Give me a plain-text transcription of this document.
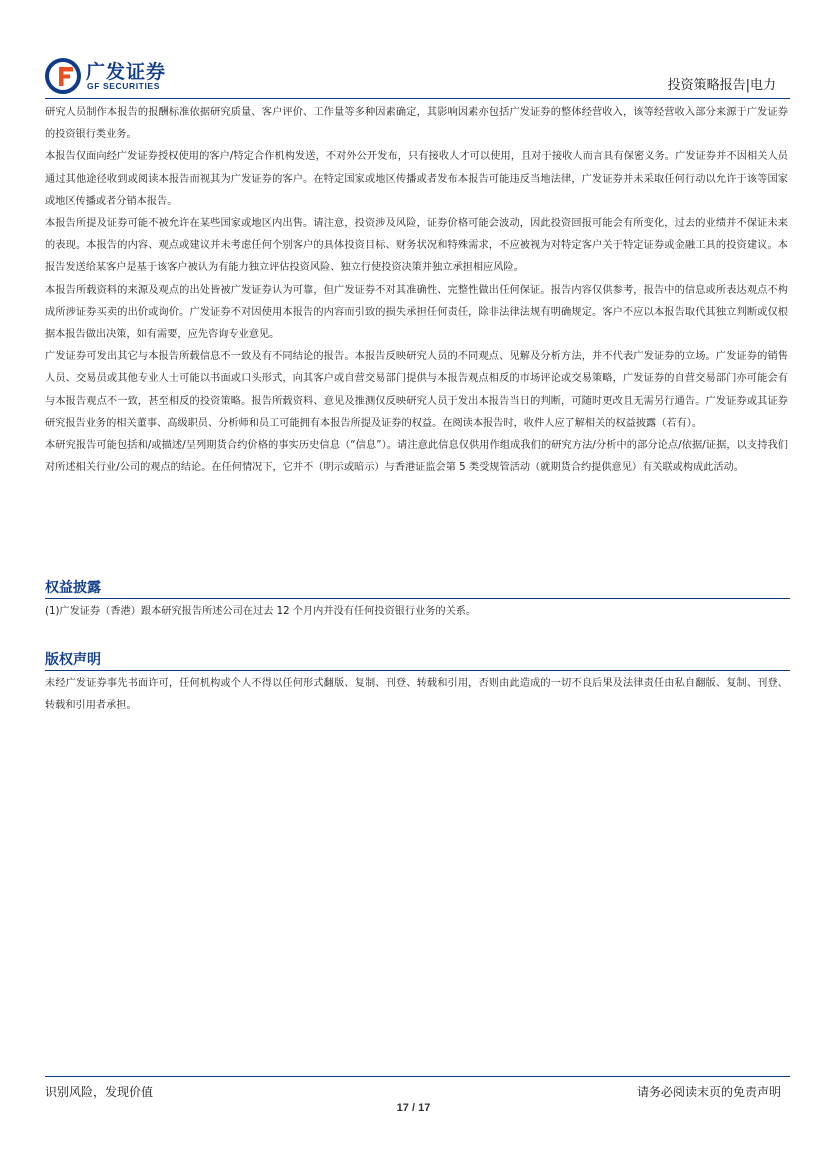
广发证券
GF SECURITIES	投资策略报告|电力

研究人员制作本报告的报酬标准依据研究质量、客户评价、工作量等多种因素确定，其影响因素亦包括广发证券的整体经营收入，该等经营收入部分来源于广发证券的投资银行类业务。

本报告仅面向经广发证券授权使用的客户/特定合作机构发送，不对外公开发布，只有接收人才可以使用，且对于接收人而言具有保密义务。广发证券并不因相关人员通过其他途径收到或阅读本报告而视其为广发证券的客户。在特定国家或地区传播或者发布本报告可能违反当地法律，广发证券并未采取任何行动以允许于该等国家或地区传播或者分销本报告。

本报告所提及证券可能不被允许在某些国家或地区内出售。请注意，投资涉及风险，证券价格可能会波动，因此投资回报可能会有所变化，过去的业绩并不保证未来的表现。本报告的内容、观点或建议并未考虑任何个别客户的具体投资目标、财务状况和特殊需求，不应被视为对特定客户关于特定证券或金融工具的投资建议。本报告发送给某客户是基于该客户被认为有能力独立评估投资风险、独立行使投资决策并独立承担相应风险。

本报告所载资料的来源及观点的出处皆被广发证券认为可靠，但广发证券不对其准确性、完整性做出任何保证。报告内容仅供参考，报告中的信息或所表达观点不构成所涉证券买卖的出价或询价。广发证券不对因使用本报告的内容而引致的损失承担任何责任，除非法律法规有明确规定。客户不应以本报告取代其独立判断或仅根据本报告做出决策，如有需要，应先咨询专业意见。

广发证券可发出其它与本报告所载信息不一致及有不同结论的报告。本报告反映研究人员的不同观点、见解及分析方法，并不代表广发证券的立场。广发证券的销售人员、交易员或其他专业人士可能以书面或口头形式，向其客户或自营交易部门提供与本报告观点相反的市场评论或交易策略，广发证券的自营交易部门亦可能会有与本报告观点不一致，甚至相反的投资策略。报告所载资料、意见及推测仅反映研究人员于发出本报告当日的判断，可随时更改且无需另行通告。广发证券或其证券研究报告业务的相关董事、高级职员、分析师和员工可能拥有本报告所提及证券的权益。在阅读本报告时，收件人应了解相关的权益披露（若有）。

本研究报告可能包括和/或描述/呈列期货合约价格的事实历史信息（“信息”）。请注意此信息仅供用作组成我们的研究方法/分析中的部分论点/依据/证据，以支持我们对所述相关行业/公司的观点的结论。在任何情况下，它并不（明示或暗示）与香港证监会第 5 类受规管活动（就期货合约提供意见）有关联或构成此活动。

权益披露

(1)广发证券（香港）跟本研究报告所述公司在过去 12 个月内并没有任何投资银行业务的关系。

版权声明

未经广发证券事先书面许可，任何机构或个人不得以任何形式翻版、复制、刊登、转载和引用，否则由此造成的一切不良后果及法律责任由私自翻版、复制、刊登、转载和引用者承担。

识别风险，发现价值	请务必阅读末页的免责声明
17 / 17
